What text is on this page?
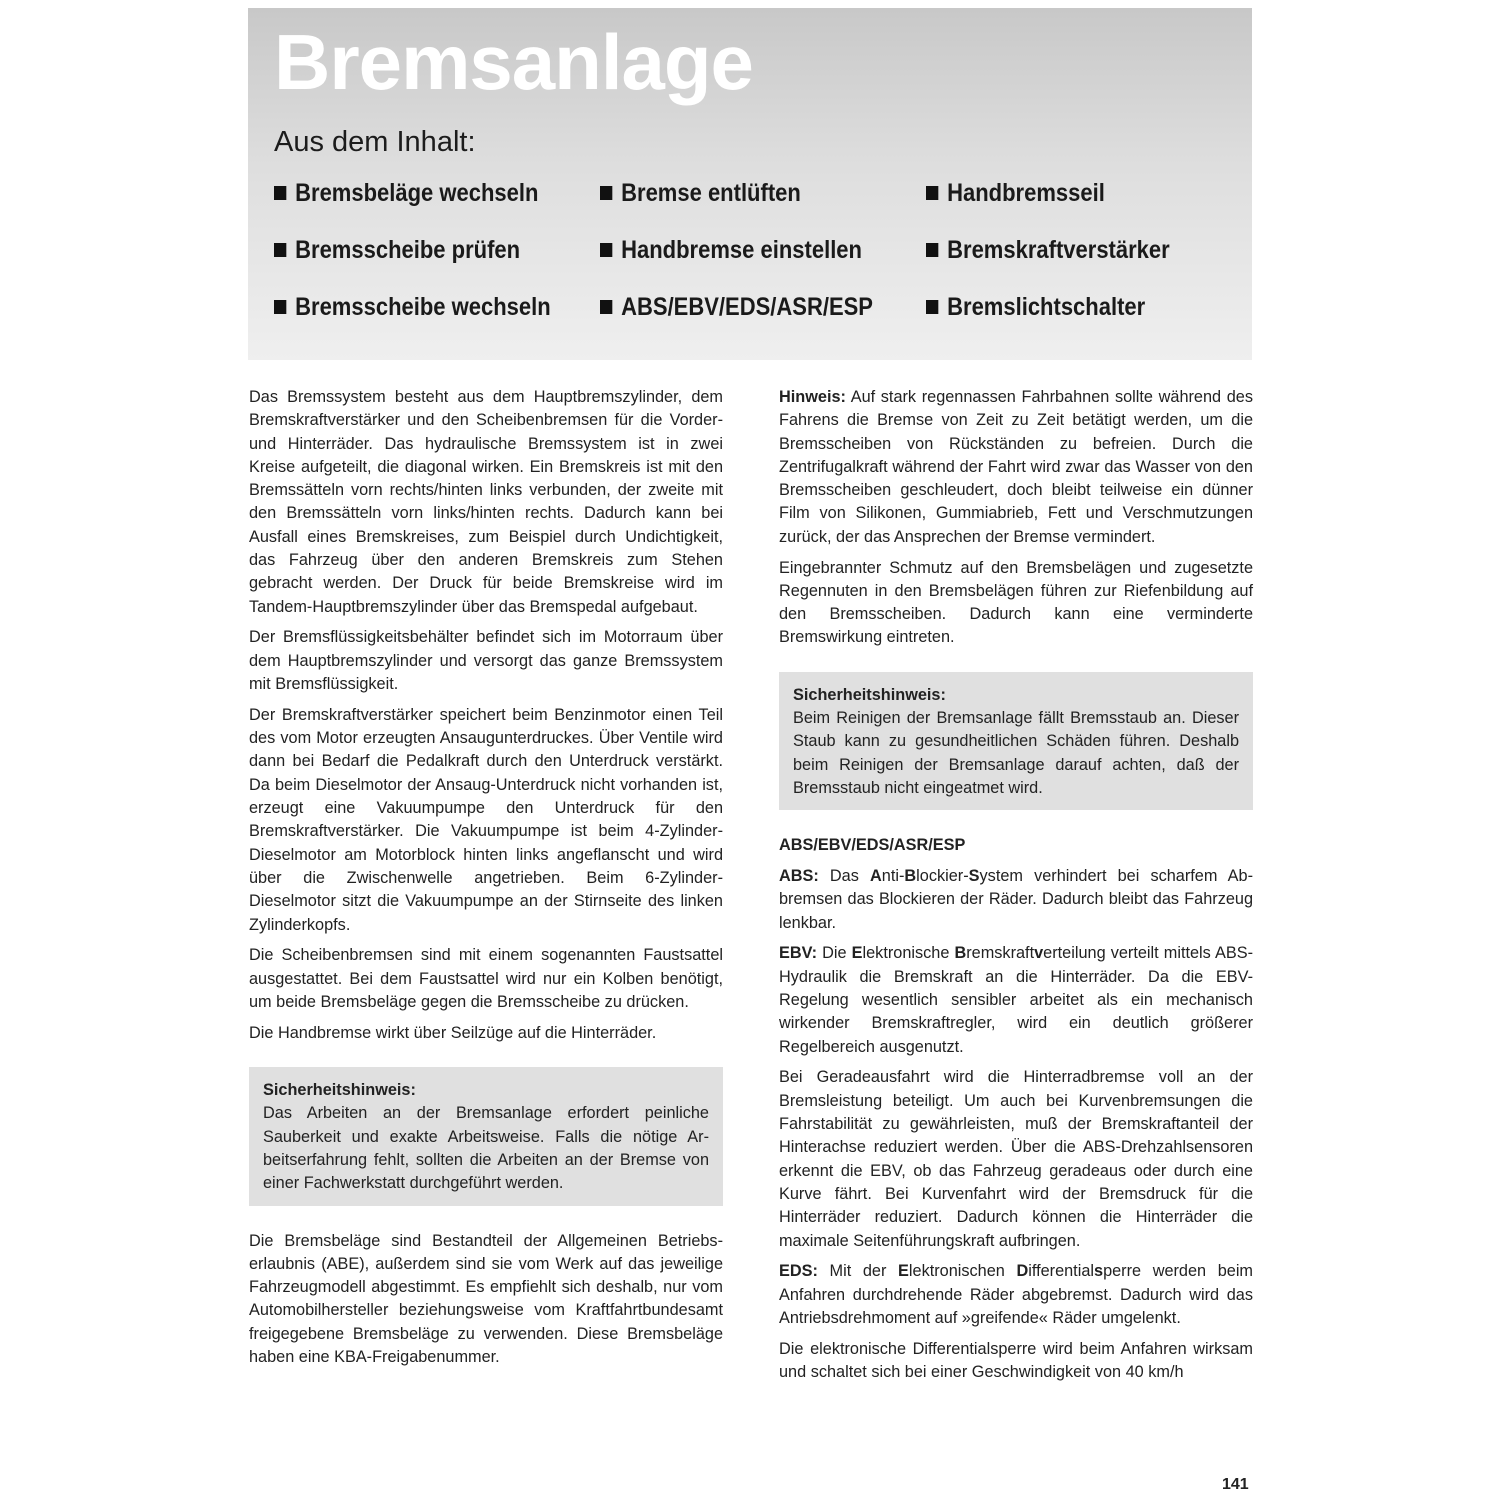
Bremsanlage
Aus dem Inhalt:
Bremsbeläge wechseln	Bremse entlüften	Handbremsseil
Bremsscheibe prüfen	Handbremse einstellen	Bremskraftverstärker
Bremsscheibe wechseln	ABS/EBV/EDS/ASR/ESP	Bremslichtschalter

Das Bremssystem besteht aus dem Hauptbremszylinder, dem Bremskraftverstärker und den Scheibenbremsen für die Vorder- und Hinterräder. Das hydraulische Bremssystem ist in zwei Kreise aufgeteilt, die diagonal wirken. Ein Bremskreis ist mit den Bremssätteln vorn rechts/hinten links verbunden, der zweite mit den Bremssätteln vorn links/hinten rechts. Dadurch kann bei Ausfall eines Bremskreises, zum Beispiel durch Undichtigkeit, das Fahrzeug über den anderen Bremskreis zum Stehen gebracht werden. Der Druck für beide Bremskreise wird im Tandem-Hauptbremszylinder über das Bremspedal aufgebaut.

Der Bremsflüssigkeitsbehälter befindet sich im Motorraum über dem Hauptbremszylinder und versorgt das ganze Bremssystem mit Bremsflüssigkeit.

Der Bremskraftverstärker speichert beim Benzinmotor einen Teil des vom Motor erzeugten Ansaugunterdruckes. Über Ventile wird dann bei Bedarf die Pedalkraft durch den Unterdruck verstärkt. Da beim Dieselmotor der Ansaug-Unterdruck nicht vorhanden ist, erzeugt eine Vakuumpumpe den Unterdruck für den Bremskraftverstärker. Die Vakuumpumpe ist beim 4-Zylinder-Dieselmotor am Motorblock hinten links angeflanscht und wird über die Zwischenwelle angetrieben. Beim 6-Zylinder-Dieselmotor sitzt die Vakuumpumpe an der Stirnseite des linken Zylinderkopfs.

Die Scheibenbremsen sind mit einem sogenannten Faustsattel ausgestattet. Bei dem Faustsattel wird nur ein Kolben benötigt, um beide Bremsbeläge gegen die Bremsscheibe zu drücken.

Die Handbremse wirkt über Seilzüge auf die Hinterräder.

Sicherheitshinweis:

Das Arbeiten an der Bremsanlage erfordert peinliche Sauberkeit und exakte Arbeitsweise. Falls die nötige Arbeitserfahrung fehlt, sollten die Arbeiten an der Bremse von einer Fachwerkstatt durchgeführt werden.

Die Bremsbeläge sind Bestandteil der Allgemeinen Betriebserlaubnis (ABE), außerdem sind sie vom Werk auf das jeweilige Fahrzeugmodell abgestimmt. Es empfiehlt sich deshalb, nur vom Automobilhersteller beziehungsweise vom Kraftfahrtbundesamt freigegebene Bremsbeläge zu verwenden. Diese Bremsbeläge haben eine KBA-Freigabenummer.

Hinweis: Auf stark regennassen Fahrbahnen sollte während des Fahrens die Bremse von Zeit zu Zeit betätigt werden, um die Bremsscheiben von Rückständen zu befreien. Durch die Zentrifugalkraft während der Fahrt wird zwar das Wasser von den Bremsscheiben geschleudert, doch bleibt teilweise ein dünner Film von Silikonen, Gummiabrieb, Fett und Verschmutzungen zurück, der das Ansprechen der Bremse vermindert.

Eingebrannter Schmutz auf den Bremsbelägen und zugesetzte Regennuten in den Bremsbelägen führen zur Riefenbildung auf den Bremsscheiben. Dadurch kann eine verminderte Bremswirkung eintreten.

Sicherheitshinweis:

Beim Reinigen der Bremsanlage fällt Bremsstaub an. Dieser Staub kann zu gesundheitlichen Schäden führen. Deshalb beim Reinigen der Bremsanlage darauf achten, daß der Bremsstaub nicht eingeatmet wird.

ABS/EBV/EDS/ASR/ESP

ABS: Das Anti-Blockier-System verhindert bei scharfem Abbremsen das Blockieren der Räder. Dadurch bleibt das Fahrzeug lenkbar.

EBV: Die Elektronische Bremskraftverteilung verteilt mittels ABS-Hydraulik die Bremskraft an die Hinterräder. Da die EBV-Regelung wesentlich sensibler arbeitet als ein mechanisch wirkender Bremskraftregler, wird ein deutlich größerer Regelbereich ausgenutzt.

Bei Geradeausfahrt wird die Hinterradbremse voll an der Bremsleistung beteiligt. Um auch bei Kurvenbremsungen die Fahrstabilität zu gewährleisten, muß der Bremskraftanteil der Hinterachse reduziert werden. Über die ABS-Drehzahlsensoren erkennt die EBV, ob das Fahrzeug geradeaus oder durch eine Kurve fährt. Bei Kurvenfahrt wird der Bremsdruck für die Hinterräder reduziert. Dadurch können die Hinterräder die maximale Seitenführungskraft aufbringen.

EDS: Mit der Elektronischen Differentialsperre werden beim Anfahren durchdrehende Räder abgebremst. Dadurch wird das Antriebsdrehmoment auf »greifende« Räder umgelenkt.

Die elektronische Differentialsperre wird beim Anfahren wirksam und schaltet sich bei einer Geschwindigkeit von 40 km/h

141
